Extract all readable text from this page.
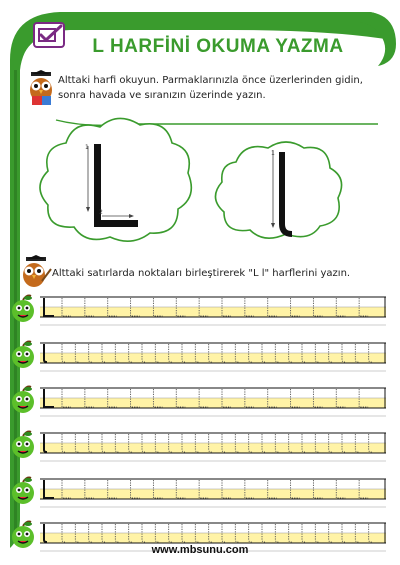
L HARFİNİ OKUMA YAZMA
Alttaki harfi okuyun. Parmaklarınızla önce üzerlerinden gidin, sonra havada ve sıranızın üzerinde yazın.
1
2
1
Alttaki satırlarda noktaları birleştirerek "L l" harflerini yazın.
www.mbsunu.com
